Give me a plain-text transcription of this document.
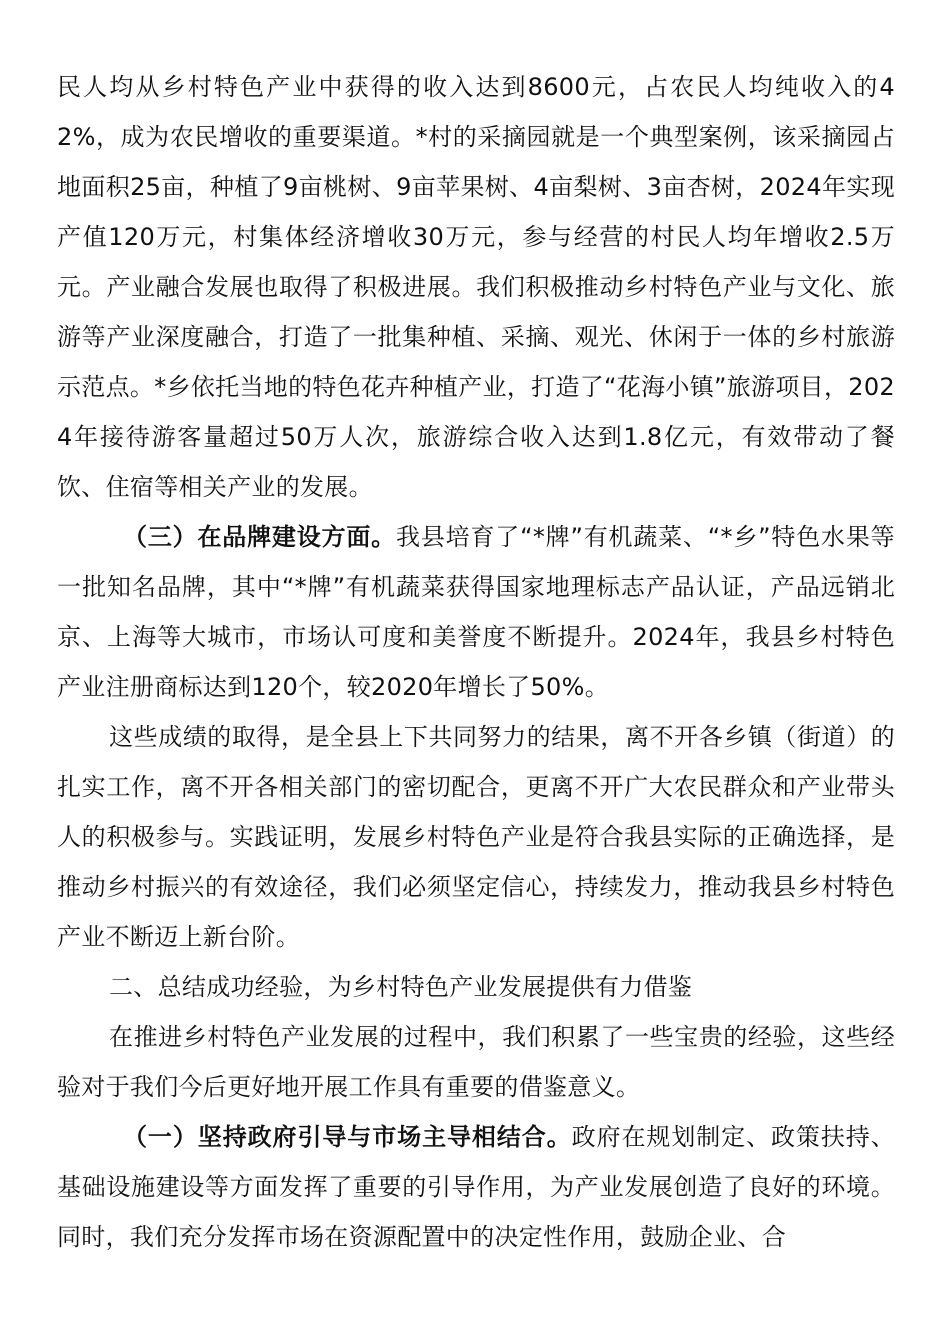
民人均从乡村特色产业中获得的收入达到8600元，占农民人均纯收入的42%，成为农民增收的重要渠道。*村的采摘园就是一个典型案例，该采摘园占地面积25亩，种植了9亩桃树、9亩苹果树、4亩梨树、3亩杏树，2024年实现产值120万元，村集体经济增收30万元，参与经营的村民人均年增收2.5万元。产业融合发展也取得了积极进展。我们积极推动乡村特色产业与文化、旅游等产业深度融合，打造了一批集种植、采摘、观光、休闲于一体的乡村旅游示范点。*乡依托当地的特色花卉种植产业，打造了“花海小镇”旅游项目，2024年接待游客量超过50万人次，旅游综合收入达到1.8亿元，有效带动了餐饮、住宿等相关产业的发展。

（三）在品牌建设方面。我县培育了“*牌”有机蔬菜、“*乡”特色水果等一批知名品牌，其中“*牌”有机蔬菜获得国家地理标志产品认证，产品远销北京、上海等大城市，市场认可度和美誉度不断提升。2024年，我县乡村特色产业注册商标达到120个，较2020年增长了50%。

这些成绩的取得，是全县上下共同努力的结果，离不开各乡镇（街道）的扎实工作，离不开各相关部门的密切配合，更离不开广大农民群众和产业带头人的积极参与。实践证明，发展乡村特色产业是符合我县实际的正确选择，是推动乡村振兴的有效途径，我们必须坚定信心，持续发力，推动我县乡村特色产业不断迈上新台阶。

二、总结成功经验，为乡村特色产业发展提供有力借鉴

在推进乡村特色产业发展的过程中，我们积累了一些宝贵的经验，这些经验对于我们今后更好地开展工作具有重要的借鉴意义。

（一）坚持政府引导与市场主导相结合。政府在规划制定、政策扶持、基础设施建设等方面发挥了重要的引导作用，为产业发展创造了良好的环境。同时，我们充分发挥市场在资源配置中的决定性作用，鼓励企业、合
